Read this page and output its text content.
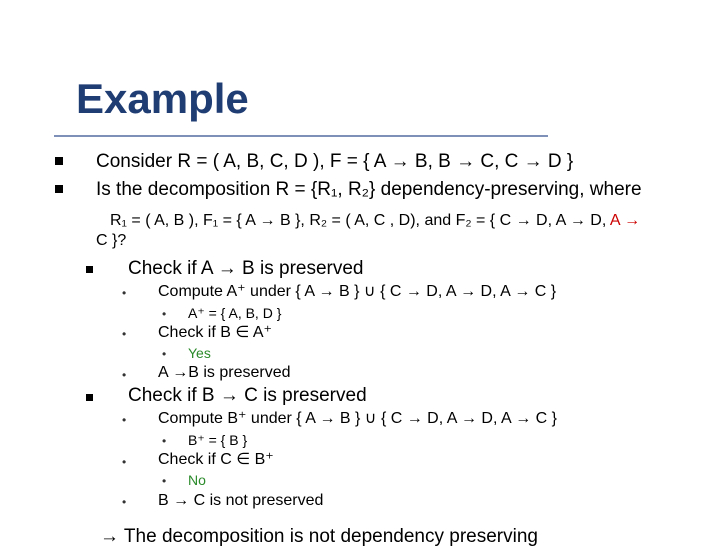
Example
Consider R = ( A, B, C, D ), F = { A → B, B → C, C → D }
Is the decomposition R = {R₁, R₂} dependency-preserving, where
R₁ = ( A, B ), F₁ = { A → B }, R₂ = ( A, C , D), and F₂ = { C → D, A → D, A →
C }?
Check if A → B is preserved
• Compute A⁺ under { A → B } ∪ { C → D, A → D, A → C }
• A⁺ = { A, B, D }
• Check if B ∈ A⁺
• Yes
• A →B is preserved
Check if B → C is preserved
• Compute B⁺ under { A → B } ∪ { C → D, A → D, A → C }
• B⁺ = { B }
• Check if C ∈ B⁺
• No
• B → C is not preserved
→ The decomposition is not dependency preserving
